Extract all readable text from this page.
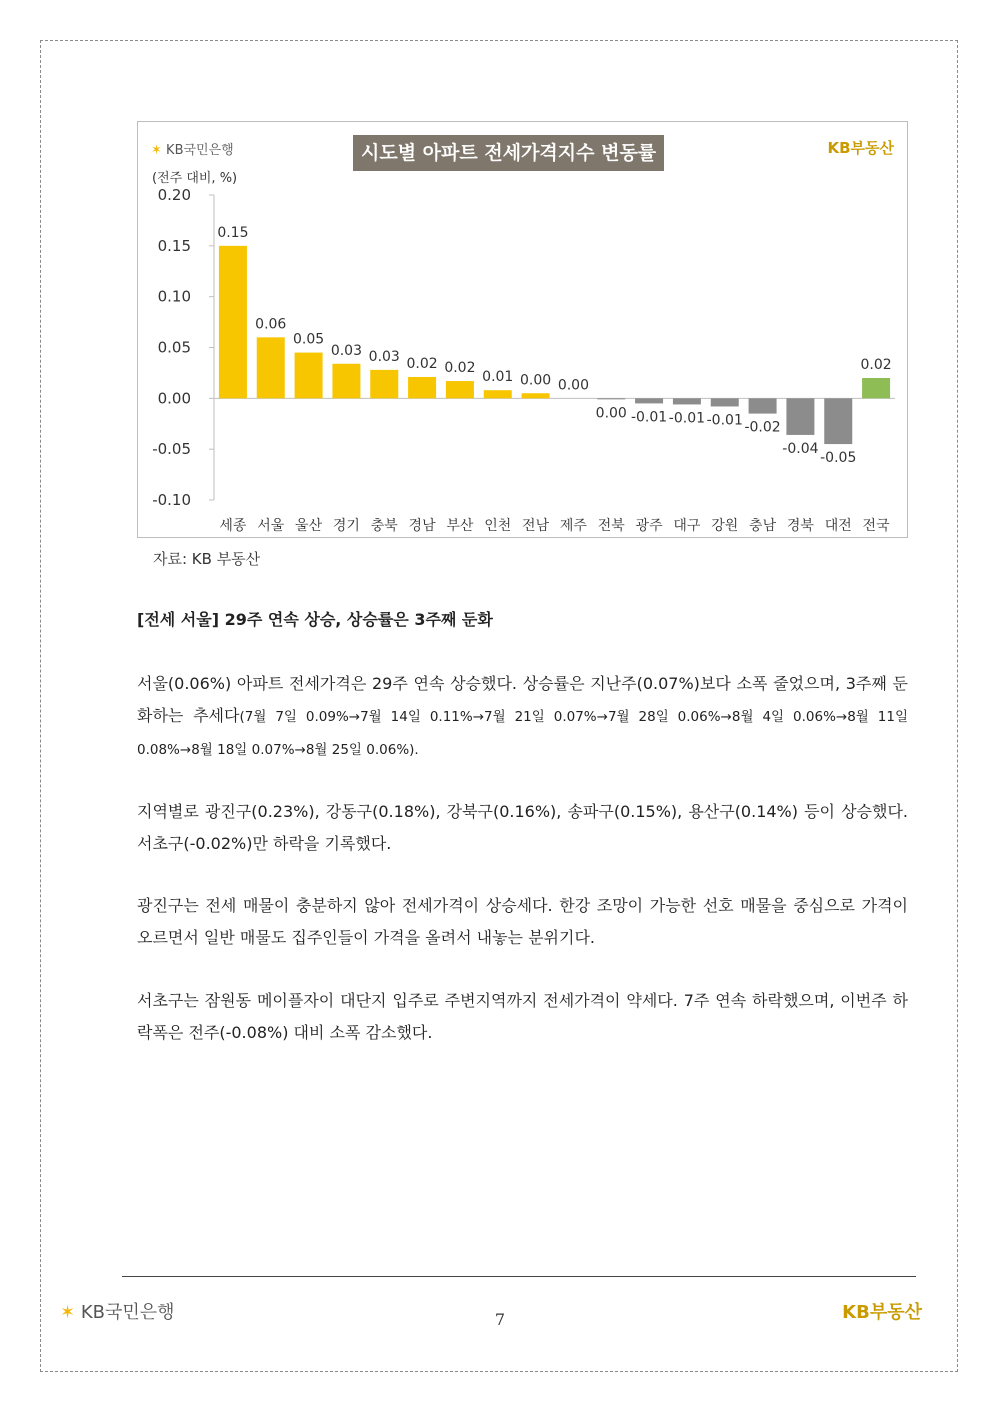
0.20
0.15
0.10
0.05
0.00
-0.05
-0.10
0.15
세종
0.06
서울
0.05
울산
0.03
경기
0.03
충북
0.02
경남
0.02
부산
0.01
인천
0.00
전남
0.00
제주
0.00
전북
-0.01
광주
-0.01
대구
-0.01
강원
-0.02
충남
-0.04
경북
-0.05
대전
0.02
전국
✶ KB국민은행	시도별 아파트 전세가격지수 변동률	KB부동산
(전주 대비, %)
자료: KB 부동산
[전세 서울] 29주 연속 상승, 상승률은 3주째 둔화
서울(0.06%) 아파트 전세가격은 29주 연속 상승했다. 상승률은 지난주(0.07%)보다 소폭 줄었으며, 3주째 둔화하는 추세다(7월 7일 0.09%→7월 14일 0.11%→7월 21일 0.07%→7월 28일 0.06%→8월 4일 0.06%→8월 11일 0.08%→8월 18일 0.07%→8월 25일 0.06%).
지역별로 광진구(0.23%), 강동구(0.18%), 강북구(0.16%), 송파구(0.15%), 용산구(0.14%) 등이 상승했다. 서초구(-0.02%)만 하락을 기록했다.
광진구는 전세 매물이 충분하지 않아 전세가격이 상승세다. 한강 조망이 가능한 선호 매물을 중심으로 가격이 오르면서 일반 매물도 집주인들이 가격을 올려서 내놓는 분위기다.
서초구는 잠원동 메이플자이 대단지 입주로 주변지역까지 전세가격이 약세다. 7주 연속 하락했으며, 이번주 하락폭은 전주(-0.08%) 대비 소폭 감소했다.
✶ KB국민은행	7	KB부동산
